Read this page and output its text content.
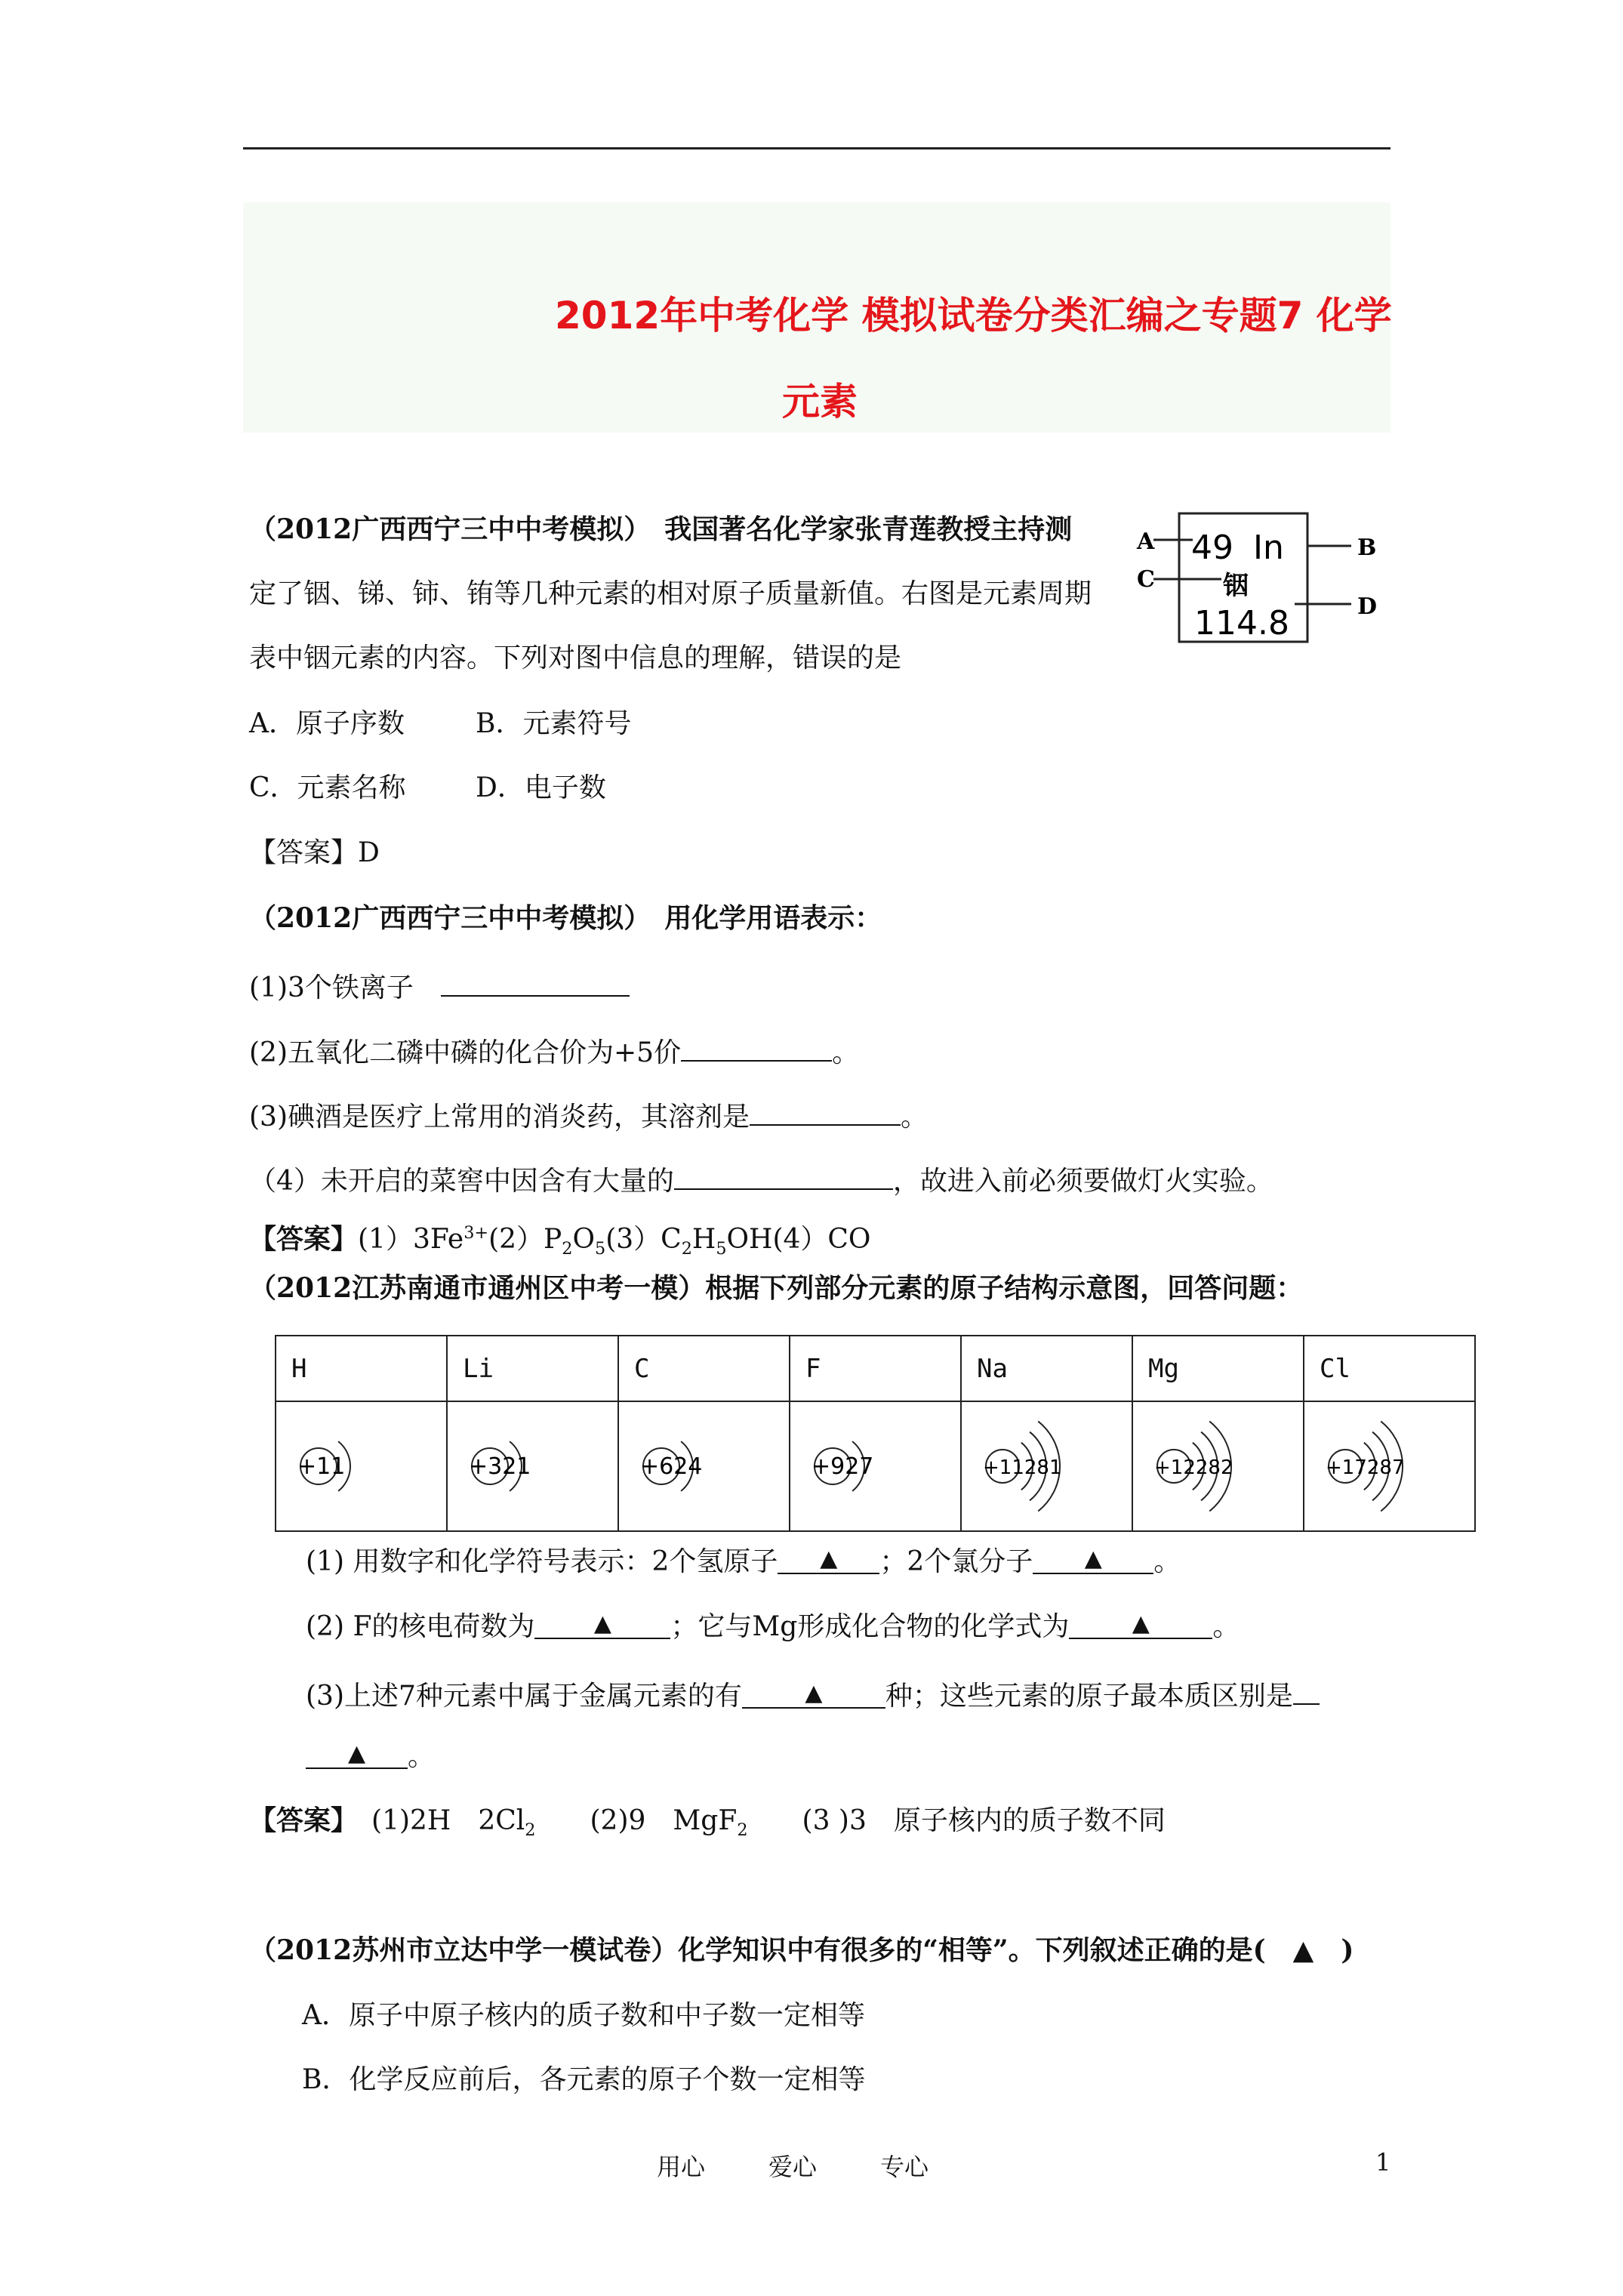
2012年中考化学 模拟试卷分类汇编之专题7 化学
元素
（2012广西西宁三中中考模拟）　我国著名化学家张青莲教授主持测
定了铟、锑、铈、铕等几种元素的相对原子质量新值。右图是元素周期
表中铟元素的内容。下列对图中信息的理解，错误的是
A．原子序数	B．元素符号
C．元素名称	D．电子数
【答案】D
49 In
铟
114.8
A
C
B
D
（2012广西西宁三中中考模拟）　用化学用语表示：
(1)3个铁离子　
(2)五氧化二磷中磷的化合价为+5价	。
(3)碘酒是医疗上常用的消炎药，其溶剂是	。
（4）未开启的菜窖中因含有大量的	，故进入前必须要做灯火实验。
【答案】$(1)3Fe^{3+}(2)P_2O_5(3)C_2H_5OH(4)CO$
（2012江苏南通市通州区中考一模）根据下列部分元素的原子结构示意图，回答问题：
H	Li	C	F	Na	Mg	Cl

+11	+321	+624	+927	+11281	+12282	+17287
(1) 用数字和化学符号表示：2个氢原子 ▲ ；2个氯分子 ▲ 。
(2) F的核电荷数为	▲ ；它与Mg形成化合物的化学式为	▲ 。
(3)上述7种元素中属于金属元素的有	▲ 种；这些元素的原子最本质区别是
▲ 。
【答案】　 (1)2H　$2Cl_2$　　 (2)9　MgF$_2$　　 (3 )3　原子核内的质子数不同
（2012苏州市立达中学一模试卷）化学知识中有很多的“相等”。下列叙述正确的是(　▲　)
A．原子中原子核内的质子数和中子数一定相等
B．化学反应前后，各元素的原子个数一定相等
用心	爱心	专心	1
